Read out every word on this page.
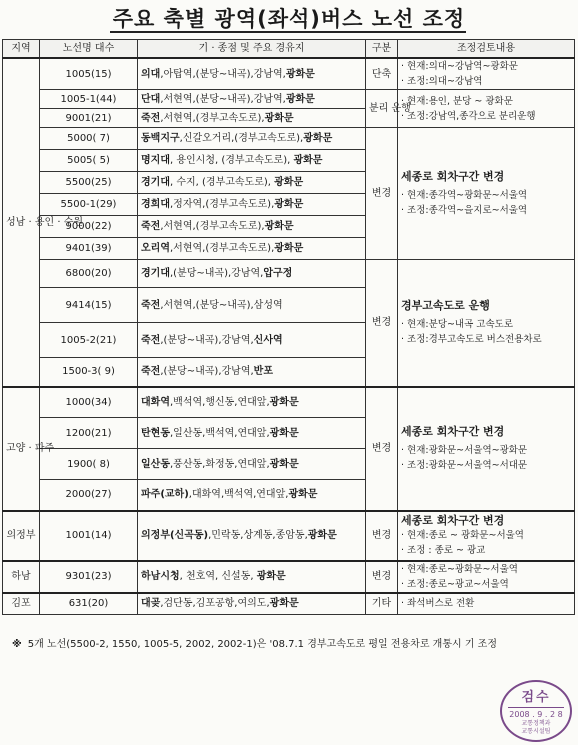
주요 축별 광역(좌석)버스 노선 조정
지역	노선명 대수	기 · 종점 및 주요 경유지	구분	조정검토내용
성남 · 용인 · 수원	1005(15)	의대,아탑역,(분당~내곡),강남역,광화문	단축	· 현재:의대~강남역~광화문
· 조정:의대~강남역

	1005-1(44)	단대,서현역,(분당~내곡),강남역,광화문	분리 운행	· 현재:용인, 분당 ~ 광화문
· 조정:강남역,종각으로 분리운행

	9001(21)	죽전,서현역,(경부고속도로),광화문		
	5000( 7)	동백지구,신갈오거리,(경부고속도로),광화문	변경	세종로 회차구간 변경
· 현재:종각역~광화문~서울역
· 조정:종각역~을지로~서울역

	5005( 5)	명지대, 용인시청, (경부고속도로), 광화문		
	5500(25)	경기대, 수지, (경부고속도로), 광화문		
	5500-1(29)	경희대,정자역,(경부고속도로),광화문		
	9000(22)	죽전,서현역,(경부고속도로),광화문		
	9401(39)	오리역,서현역,(경부고속도로),광화문		
	6800(20)	경기대,(분당~내곡),강남역,압구정	변경	경부고속도로 운행
· 현재:분당~내곡 고속도로
· 조정:경부고속도로 버스전용차로

	9414(15)	죽전,서현역,(분당~내곡),삼성역		
	1005-2(21)	죽전,(분당~내곡),강남역,신사역		
	1500-3( 9)	죽전,(분당~내곡),강남역,반포		
고양 · 파주	1000(34)	대화역,백석역,행신동,연대앞,광화문	변경	세종로 회차구간 변경
· 현재:광화문~서울역~광화문
· 조정:광화문~서울역~서대문

	1200(21)	탄현동,일산동,백석역,연대앞,광화문		
	1900( 8)	일산동,풍산동,화정동,연대앞,광화문		
	2000(27)	파주(교하),대화역,백석역,연대앞,광화문		
의정부	1001(14)	의정부(신곡동),민락동,상계동,종암동,광화문	변경	세종로 회차구간 변경
· 현재:종로 ~ 광화문~서울역
· 조정 : 종로 ~ 광교

하남	9301(23)	하남시청, 천호역, 신설동, 광화문	변경	· 현재:종로~광화문~서울역
· 조정:종로~광교~서울역

김포	631(20)	대곶,검단동,김포공항,여의도,광화문	기타	· 좌석버스로 전환
※ 5개 노선(5500-2, 1550, 1005-5, 2002, 2002-1)은 '08.7.1 경부고속도로 평일 전용차로 개통시 기 조정
검수
2008 . 9 . 2 8
교통정책과
교통시설팀
